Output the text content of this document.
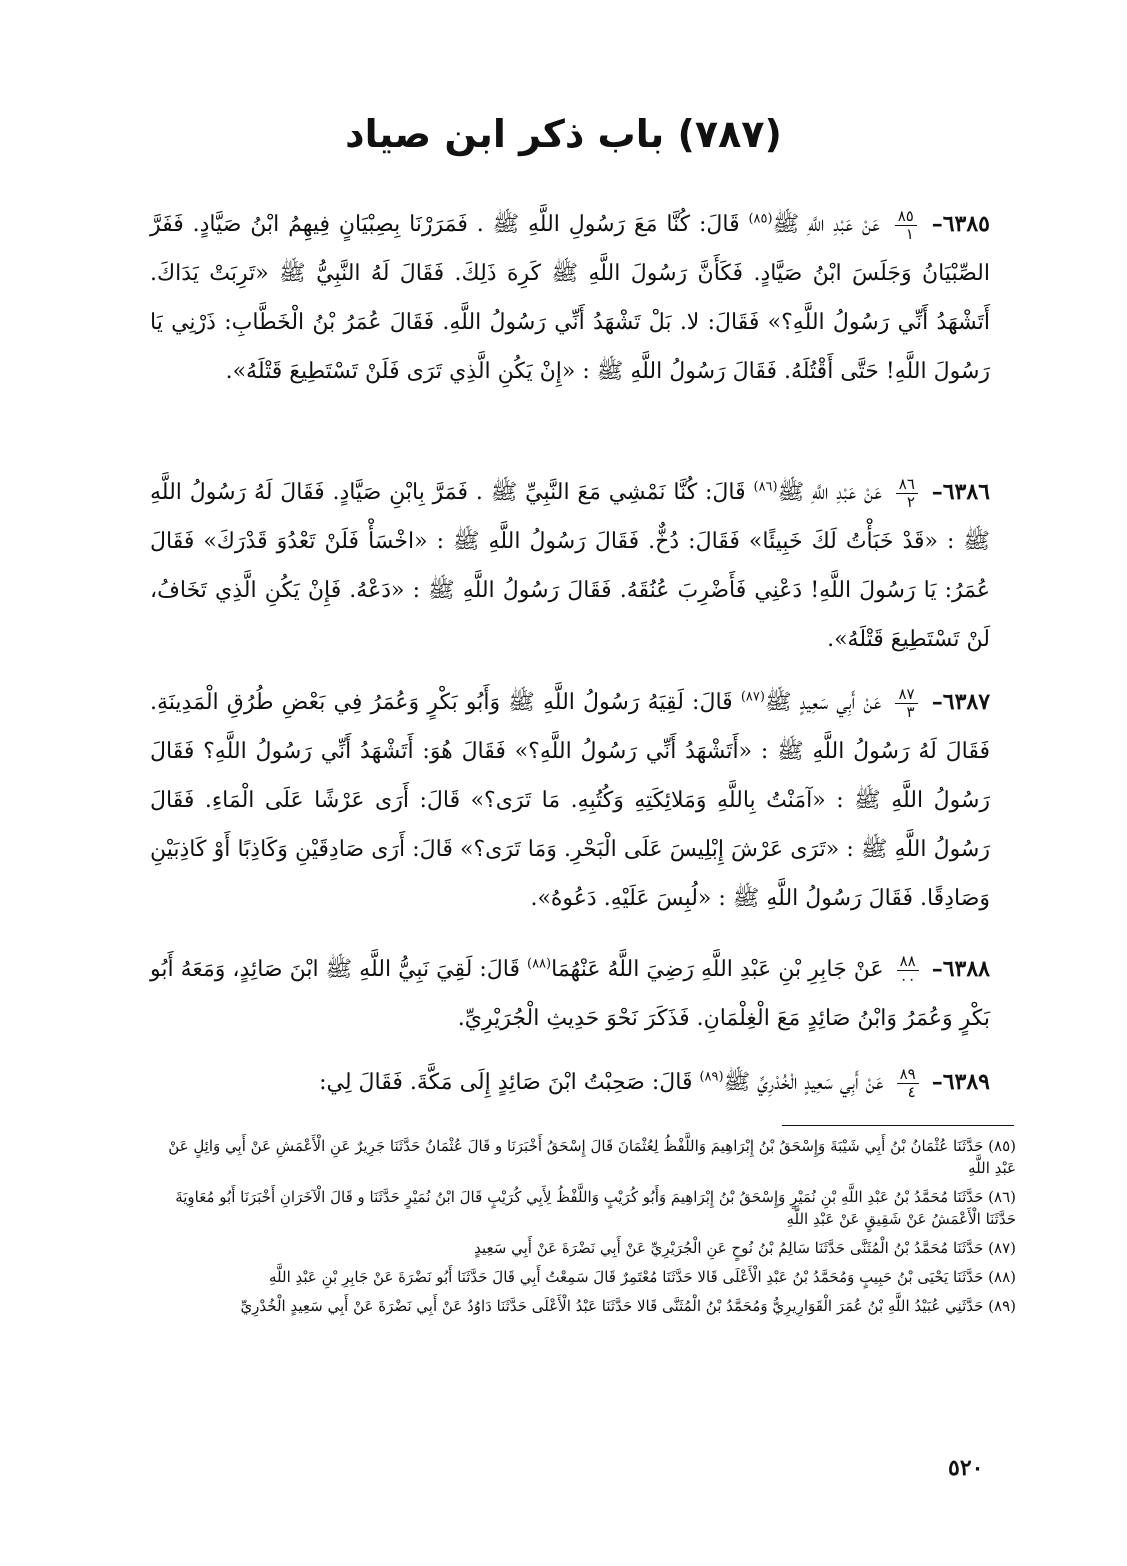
(٧٨٧) باب ذكر ابن صياد
٦٣٨٥–
$\frac{٨٥}{١}$
عَنْ عَبْدِ اللَّهِ ﷺ$^{(٨٥)}$ قَالَ: كُنَّا مَعَ رَسُولِ اللَّهِ ﷺ . فَمَرَرْنَا بِصِبْيَانٍ فِيهِمُ ابْنُ صَيَّادٍ. فَفَرَّ الصِّبْيَانُ وَجَلَسَ ابْنُ صَيَّادٍ. فَكَأَنَّ رَسُولَ اللَّهِ ﷺ كَرِهَ ذَلِكَ. فَقَالَ لَهُ النَّبِيُّ ﷺ «تَرِبَتْ يَدَاكَ. أَتَشْهَدُ أَنِّي رَسُولُ اللَّهِ؟» فَقَالَ: لا. بَلْ تَشْهَدُ أَنِّي رَسُولُ اللَّهِ. فَقَالَ عُمَرُ بْنُ الْخَطَّابِ: ذَرْنِي يَا رَسُولَ اللَّهِ! حَتَّى أَقْتُلَهُ. فَقَالَ رَسُولُ اللَّهِ ﷺ : «إِنْ يَكُنِ الَّذِي تَرَى فَلَنْ تَسْتَطِيعَ قَتْلَهُ».
٦٣٨٦–
$\frac{٨٦}{٢}$
عَنْ عَبْدِ اللَّهِ ﷺ$^{(٨٦)}$ قَالَ: كُنَّا نَمْشِي مَعَ النَّبِيِّ ﷺ . فَمَرَّ بِابْنِ صَيَّادٍ. فَقَالَ لَهُ رَسُولُ اللَّهِ ﷺ : «قَدْ خَبَأْتُ لَكَ خَبِيئًا» فَقَالَ: دُخٌّ. فَقَالَ رَسُولُ اللَّهِ ﷺ : «اخْسَأْ فَلَنْ تَعْدُوَ قَدْرَكَ» فَقَالَ عُمَرُ: يَا رَسُولَ اللَّهِ! دَعْنِي فَأَضْرِبَ عُنُقَهُ. فَقَالَ رَسُولُ اللَّهِ ﷺ : «دَعْهُ. فَإِنْ يَكُنِ الَّذِي تَخَافُ، لَنْ تَسْتَطِيعَ قَتْلَهُ».
٦٣٨٧–
$\frac{٨٧}{٣}$
عَنْ أَبِي سَعِيدٍ ﷺ$^{(٨٧)}$ قَالَ: لَقِيَهُ رَسُولُ اللَّهِ ﷺ وَأَبُو بَكْرٍ وَعُمَرُ فِي بَعْضِ طُرُقِ الْمَدِينَةِ. فَقَالَ لَهُ رَسُولُ اللَّهِ ﷺ : «أَتَشْهَدُ أَنِّي رَسُولُ اللَّهِ؟» فَقَالَ هُوَ: أَتَشْهَدُ أَنِّي رَسُولُ اللَّهِ؟ فَقَالَ رَسُولُ اللَّهِ ﷺ : «آمَنْتُ بِاللَّهِ وَمَلائِكَتِهِ وَكُتُبِهِ. مَا تَرَى؟» قَالَ: أَرَى عَرْشًا عَلَى الْمَاءِ. فَقَالَ رَسُولُ اللَّهِ ﷺ : «تَرَى عَرْشَ إِبْلِيسَ عَلَى الْبَحْرِ. وَمَا تَرَى؟» قَالَ: أَرَى صَادِقَيْنِ وَكَاذِبًا أَوْ كَاذِبَيْنِ وَصَادِقًا. فَقَالَ رَسُولُ اللَّهِ ﷺ : «لُبِسَ عَلَيْهِ. دَعُوهُ».
٦٣٨٨–
$\frac{٨٨}{٠٠}$
عَنْ جَابِرِ بْنِ عَبْدِ اللَّهِ رَضِيَ اللَّهُ عَنْهُمَا$^{(٨٨)}$ قَالَ: لَقِيَ نَبِيُّ اللَّهِ ﷺ ابْنَ صَائِدٍ، وَمَعَهُ أَبُو بَكْرٍ وَعُمَرُ وَابْنُ صَائِدٍ مَعَ الْغِلْمَانِ. فَذَكَرَ نَحْوَ حَدِيثِ الْجُرَيْرِيِّ.
٦٣٨٩–
$\frac{٨٩}{٤}$
عَنْ أَبِي سَعِيدٍ الْخُدْرِيِّ ﷺ$^{(٨٩)}$ قَالَ: صَحِبْتُ ابْنَ صَائِدٍ إِلَى مَكَّةَ. فَقَالَ لِي:
(٨٥) حَدَّثَنَا عُثْمَانُ بْنُ أَبِي شَيْبَةَ وَإِسْحَقُ بْنُ إِبْرَاهِيمَ وَاللَّفْظُ لِعُثْمَانَ قَالَ إِسْحَقُ أَخْبَرَنَا و قَالَ عُثْمَانُ حَدَّثَنَا جَرِيرٌ عَنِ الْأَعْمَشِ عَنْ أَبِي وَائِلٍ عَنْ عَبْدِ اللَّهِ
(٨٦) حَدَّثَنَا مُحَمَّدُ بْنُ عَبْدِ اللَّهِ بْنِ نُمَيْرٍ وَإِسْحَقُ بْنُ إِبْرَاهِيمَ وَأَبُو كُرَيْبٍ وَاللَّفْظُ لِأَبِي كُرَيْبٍ قَالَ ابْنُ نُمَيْرٍ حَدَّثَنَا و قَالَ الْآخَرَانِ أَخْبَرَنَا أَبُو مُعَاوِيَةَ حَدَّثَنَا الْأَعْمَشُ عَنْ شَقِيقٍ عَنْ عَبْدِ اللَّهِ
(٨٧) حَدَّثَنَا مُحَمَّدُ بْنُ الْمُثَنَّى حَدَّثَنَا سَالِمُ بْنُ نُوحٍ عَنِ الْجُرَيْرِيِّ عَنْ أَبِي نَضْرَةَ عَنْ أَبِي سَعِيدٍ
(٨٨) حَدَّثَنَا يَحْيَى بْنُ حَبِيبٍ وَمُحَمَّدُ بْنُ عَبْدِ الْأَعْلَى قَالا حَدَّثَنَا مُعْتَمِرٌ قَالَ سَمِعْتُ أَبِي قَالَ حَدَّثَنَا أَبُو نَضْرَةَ عَنْ جَابِرِ بْنِ عَبْدِ اللَّهِ
(٨٩) حَدَّثَنِي عُبَيْدُ اللَّهِ بْنُ عُمَرَ الْقَوَارِيرِيُّ وَمُحَمَّدُ بْنُ الْمُثَنَّى قَالا حَدَّثَنَا عَبْدُ الْأَعْلَى حَدَّثَنَا دَاوُدُ عَنْ أَبِي نَضْرَةَ عَنْ أَبِي سَعِيدٍ الْخُدْرِيِّ
٥٢٠
